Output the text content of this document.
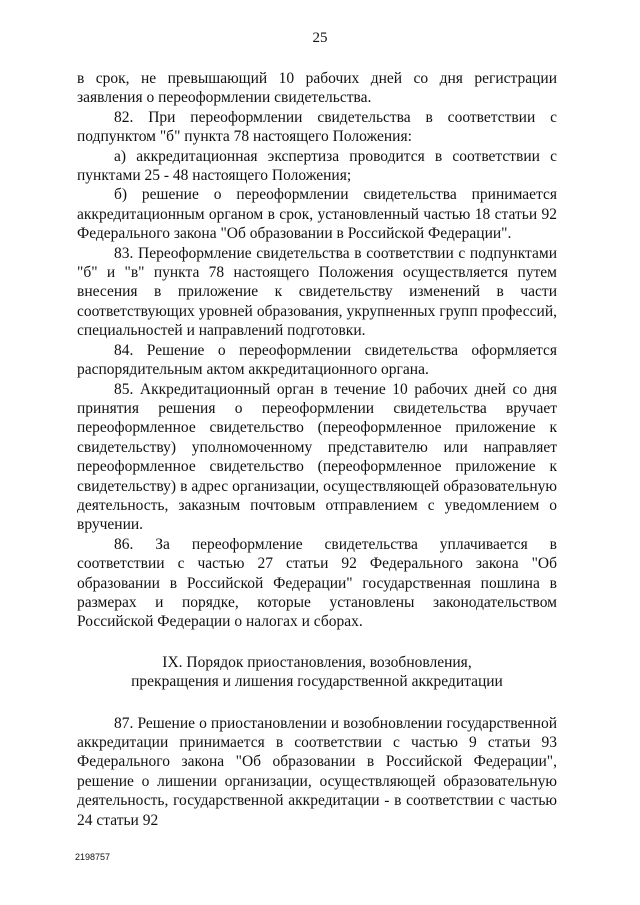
25

в срок, не превышающий 10 рабочих дней со дня регистрации заявления о переоформлении свидетельства.

82. При переоформлении свидетельства в соответствии с подпунктом "б" пункта 78 настоящего Положения:

а) аккредитационная экспертиза проводится в соответствии с пунктами 25 - 48 настоящего Положения;

б) решение о переоформлении свидетельства принимается аккредитационным органом в срок, установленный частью 18 статьи 92 Федерального закона "Об образовании в Российской Федерации".

83. Переоформление свидетельства в соответствии с подпунктами "б" и "в" пункта 78 настоящего Положения осуществляется путем внесения в приложение к свидетельству изменений в части соответствующих уровней образования, укрупненных групп профессий, специальностей и направлений подготовки.

84. Решение о переоформлении свидетельства оформляется распорядительным актом аккредитационного органа.

85. Аккредитационный орган в течение 10 рабочих дней со дня принятия решения о переоформлении свидетельства вручает переоформленное свидетельство (переоформленное приложение к свидетельству) уполномоченному представителю или направляет переоформленное свидетельство (переоформленное приложение к свидетельству) в адрес организации, осуществляющей образовательную деятельность, заказным почтовым отправлением с уведомлением о вручении.

86. За переоформление свидетельства уплачивается в соответствии с частью 27 статьи 92 Федерального закона "Об образовании в Российской Федерации" государственная пошлина в размерах и порядке, которые установлены законодательством Российской Федерации о налогах и сборах.

IX. Порядок приостановления, возобновления,
прекращения и лишения государственной аккредитации

87. Решение о приостановлении и возобновлении государственной аккредитации принимается в соответствии с частью 9 статьи 93 Федерального закона "Об образовании в Российской Федерации", решение о лишении организации, осуществляющей образовательную деятельность, государственной аккредитации - в соответствии с частью 24 статьи 92

2198757
